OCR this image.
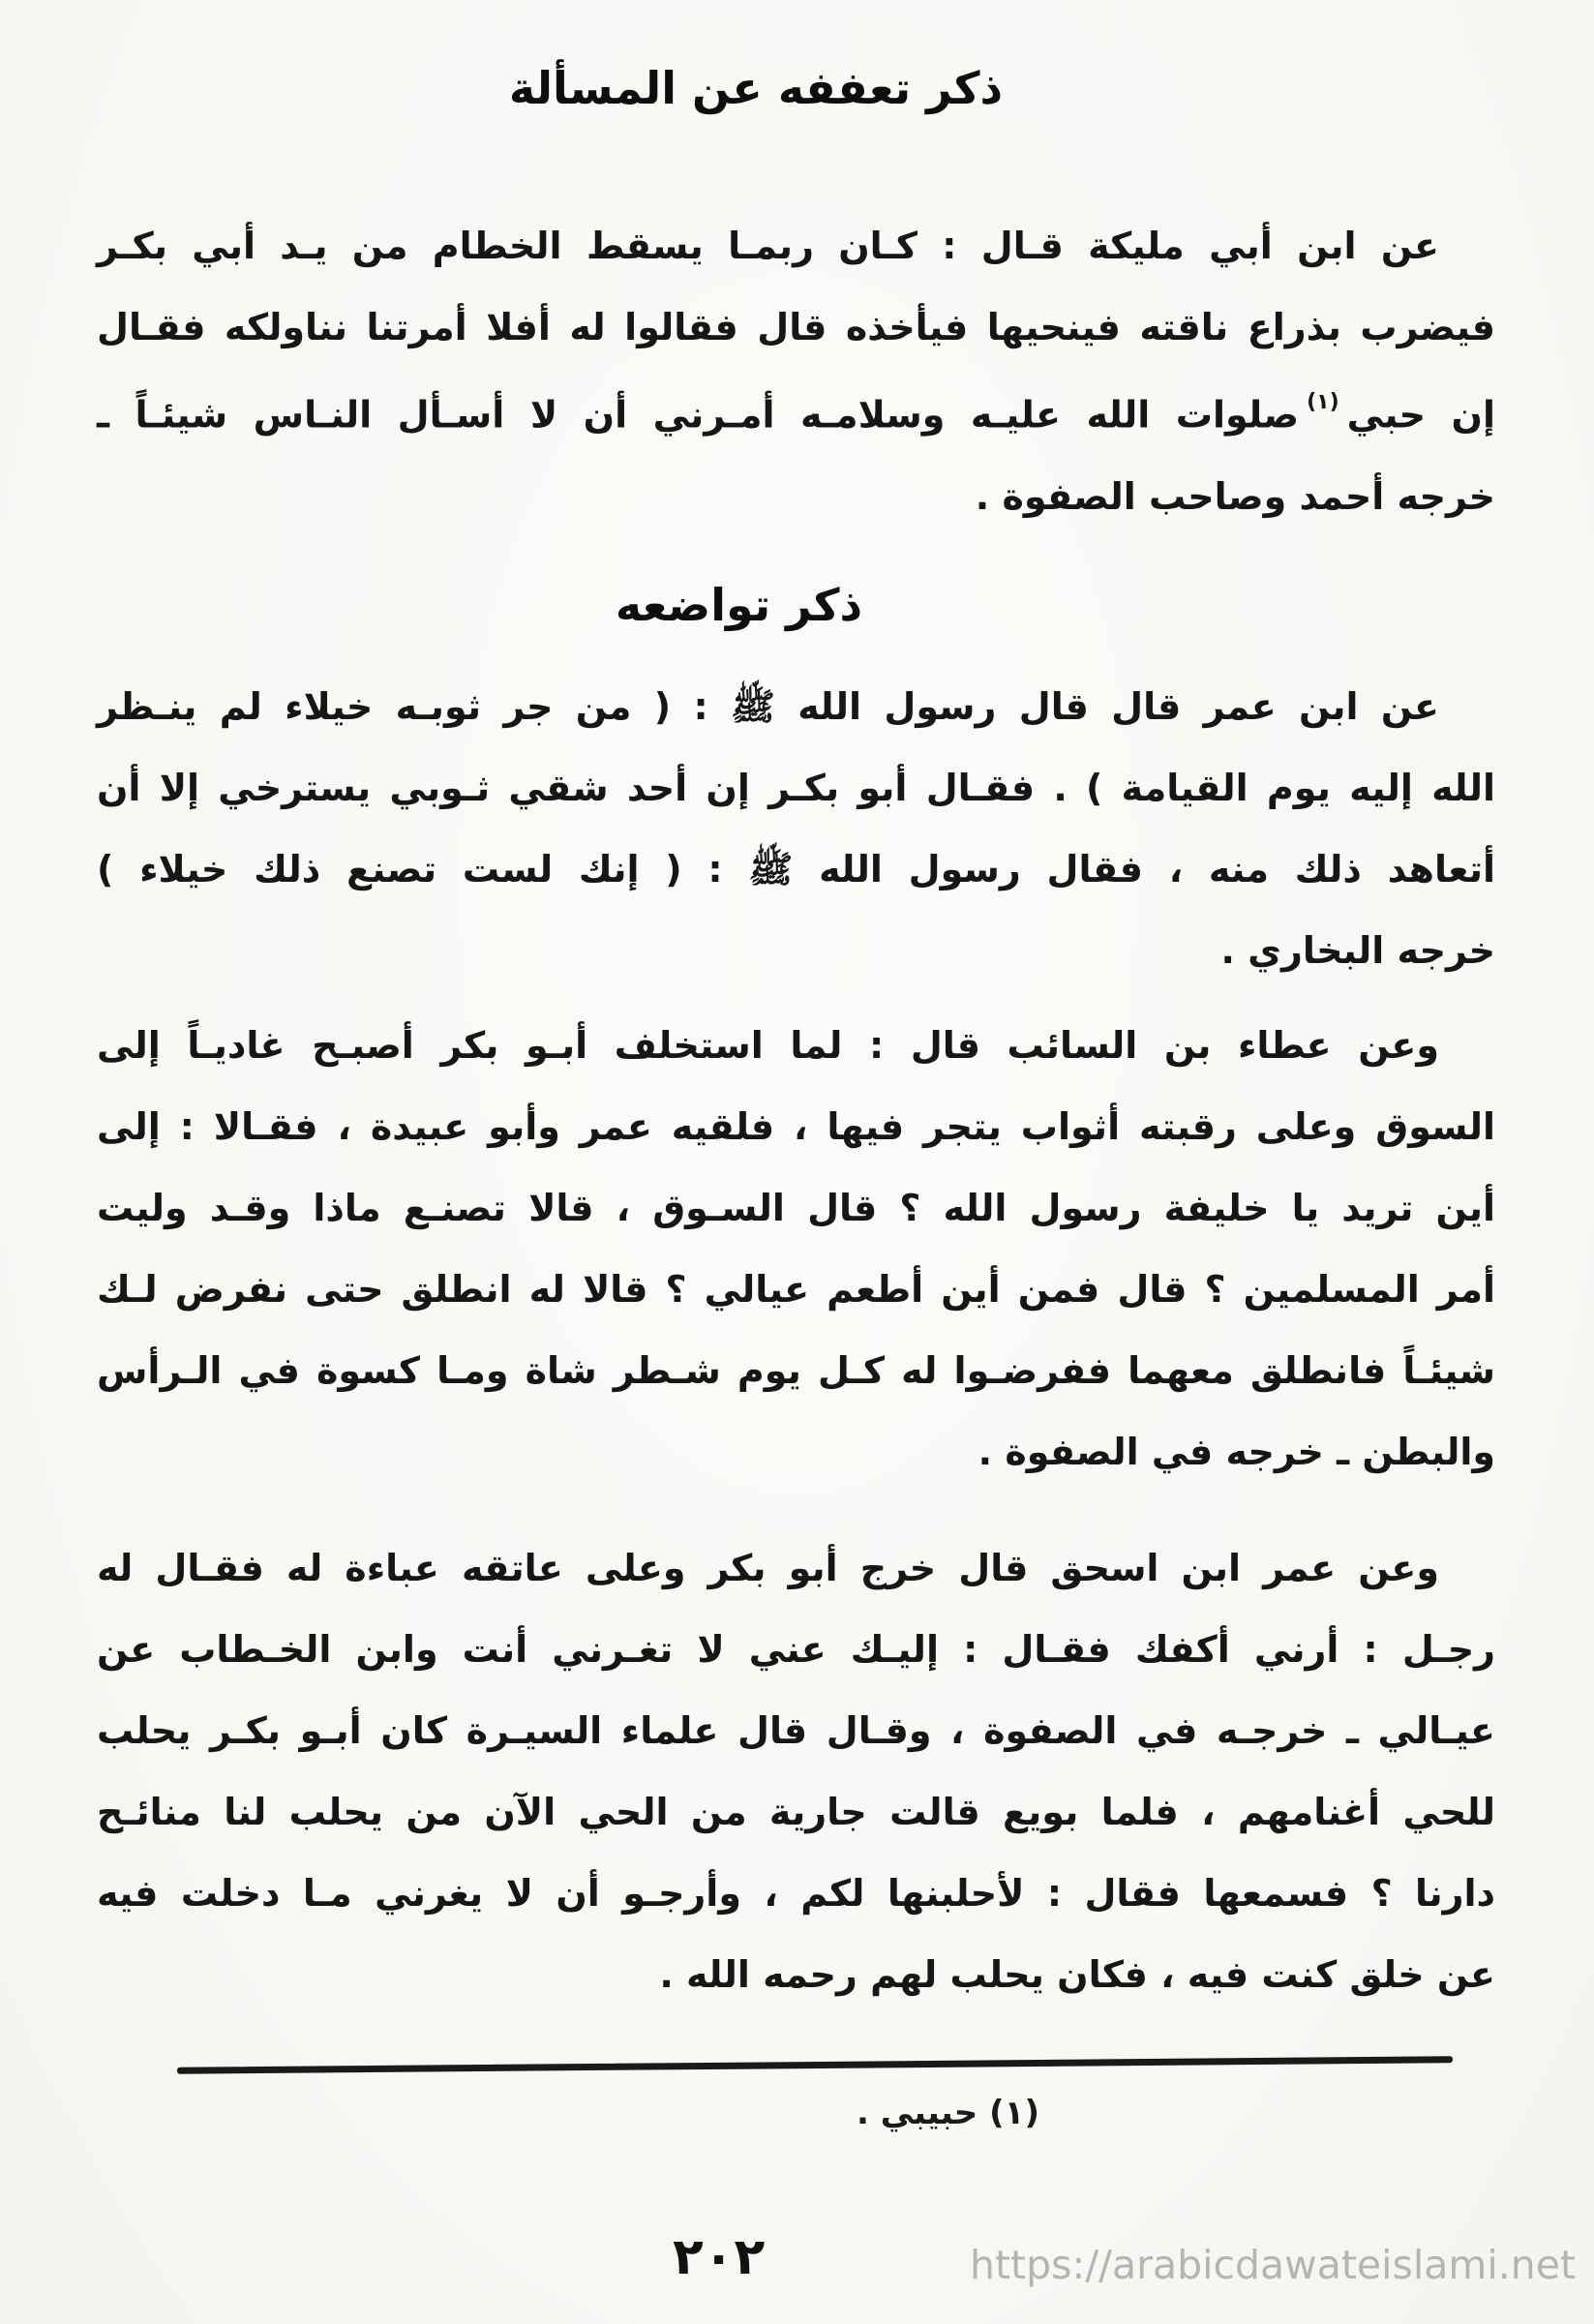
ذكر تعففه عن المسألة
عن ابن أبي مليكة قـال : كـان ربمـا يسقط الخطام من يـد أبي بكـر
فيضرب بذراع ناقته فينحيها فيأخذه قال فقالوا له أفلا أمرتنا نناولكه فقـال
إن حبي$^{(١)}$صلوات الله عليـه وسلامـه أمـرني أن لا أسـأل النـاس شيئـاً ـ
خرجه أحمد وصاحب الصفوة .
ذكر تواضعه
عن ابن عمر قال قال رسول الله ﷺ : ( من جر ثوبـه خيلاء لم ينـظر
الله إليه يوم القيامة ) . فقـال أبو بكـر إن أحد شقي ثـوبي يسترخي إلا أن
أتعاهد ذلك منه ، فقال رسول الله ﷺ : ( إنك لست تصنع ذلك خيلاء )
خرجه البخاري .
وعن عطاء بن السائب قال : لما استخلف أبـو بكر أصبـح غاديـاً إلى
السوق وعلى رقبته أثواب يتجر فيها ، فلقيه عمر وأبو عبيدة ، فقـالا : إلى
أين تريد يا خليفة رسول الله ؟ قال السـوق ، قالا تصنـع ماذا وقـد وليت
أمر المسلمين ؟ قال فمن أين أطعم عيالي ؟ قالا له انطلق حتى نفرض لـك
شيئـاً فانطلق معهما ففرضـوا له كـل يوم شـطر شاة ومـا كسوة في الـرأس
والبطن ـ خرجه في الصفوة .
وعن عمر ابن اسحق قال خرج أبو بكر وعلى عاتقه عباءة له فقـال له
رجـل : أرني أكفك فقـال : إليـك عني لا تغـرني أنت وابن الخـطاب عن
عيـالي ـ خرجـه في الصفوة ، وقـال قال علماء السيـرة كان أبـو بكـر يحلب
للحي أغنامهم ، فلما بويع قالت جارية من الحي الآن من يحلب لنا منائـح
دارنا ؟ فسمعها فقال : لأحلبنها لكم ، وأرجـو أن لا يغرني مـا دخلت فيه
عن خلق كنت فيه ، فكان يحلب لهم رحمه الله .
(١) حبيبي .
٢٠٢	https://arabicdawateislami.net
